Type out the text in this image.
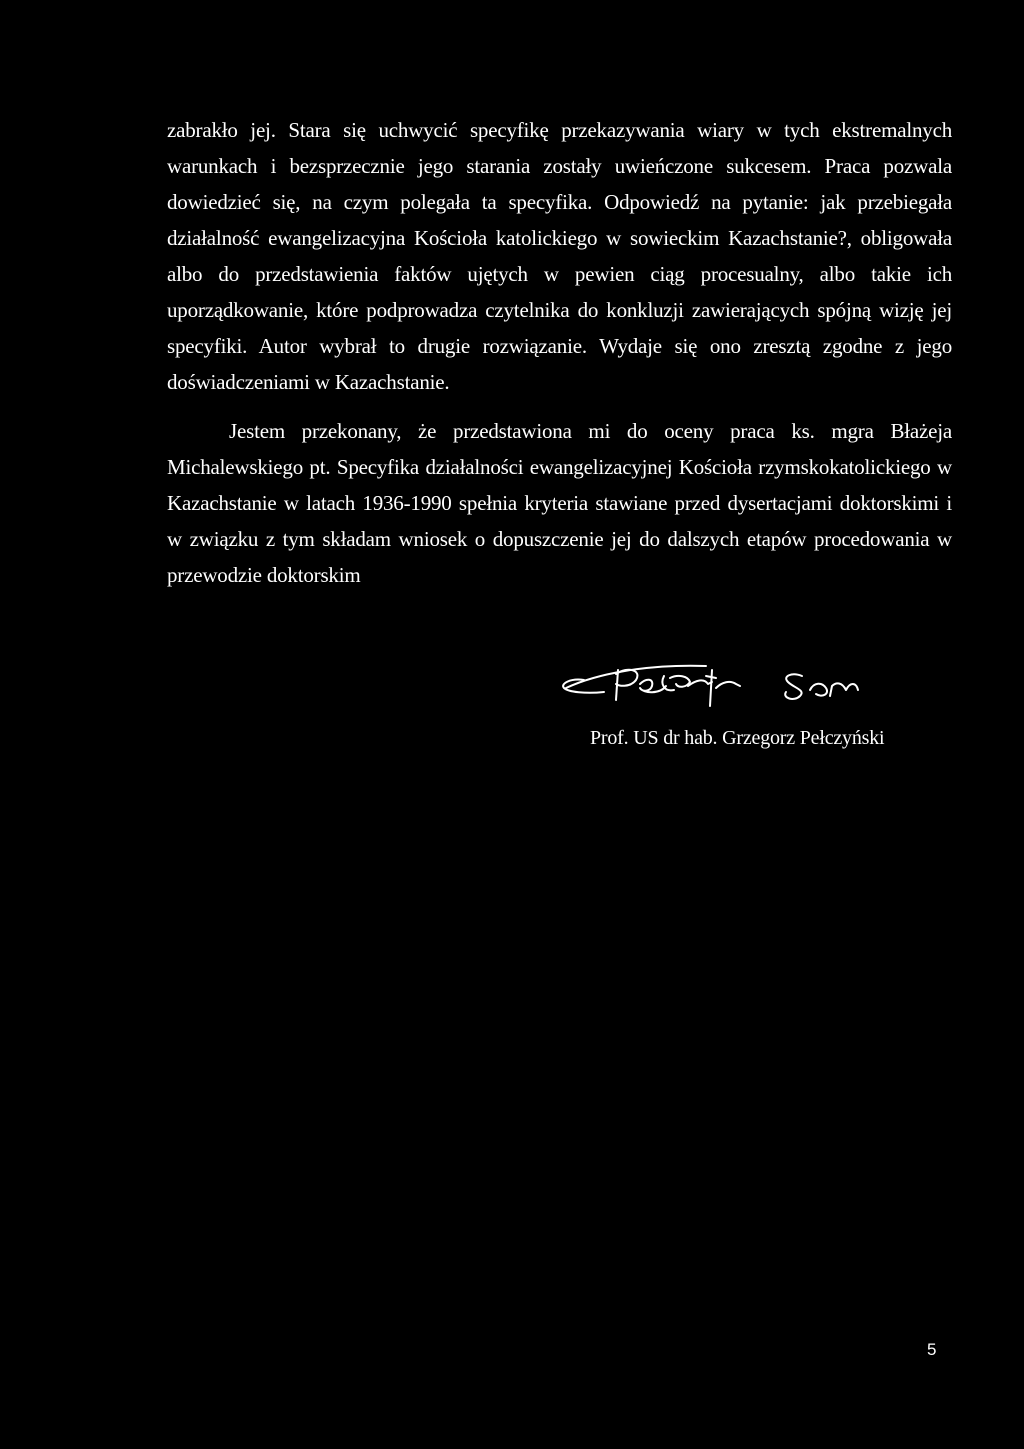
zabrakło jej. Stara się uchwycić specyfikę przekazywania wiary w tych ekstremalnych
warunkach i bezsprzecznie jego starania zostały uwieńczone sukcesem. Praca pozwala
dowiedzieć się, na czym polegała ta specyfika. Odpowiedź na pytanie: jak przebiegała
działalność ewangelizacyjna Kościoła katolickiego w sowieckim Kazachstanie?, obligowała
albo do przedstawienia faktów ujętych w pewien ciąg procesualny, albo takie ich
uporządkowanie, które podprowadza czytelnika do konkluzji zawierających spójną wizję jej
specyfiki. Autor wybrał to drugie rozwiązanie. Wydaje się ono zresztą zgodne z jego
doświadczeniami w Kazachstanie.
Jestem przekonany, że przedstawiona mi do oceny praca ks. mgra Błażeja
Michalewskiego pt. Specyfika działalności ewangelizacyjnej Kościoła rzymskokatolickiego w
Kazachstanie w latach 1936-1990 spełnia kryteria stawiane przed dysertacjami doktorskimi i
w związku z tym składam wniosek o dopuszczenie jej do dalszych etapów procedowania w
przewodzie doktorskim
Prof. US dr hab. Grzegorz Pełczyński
5
